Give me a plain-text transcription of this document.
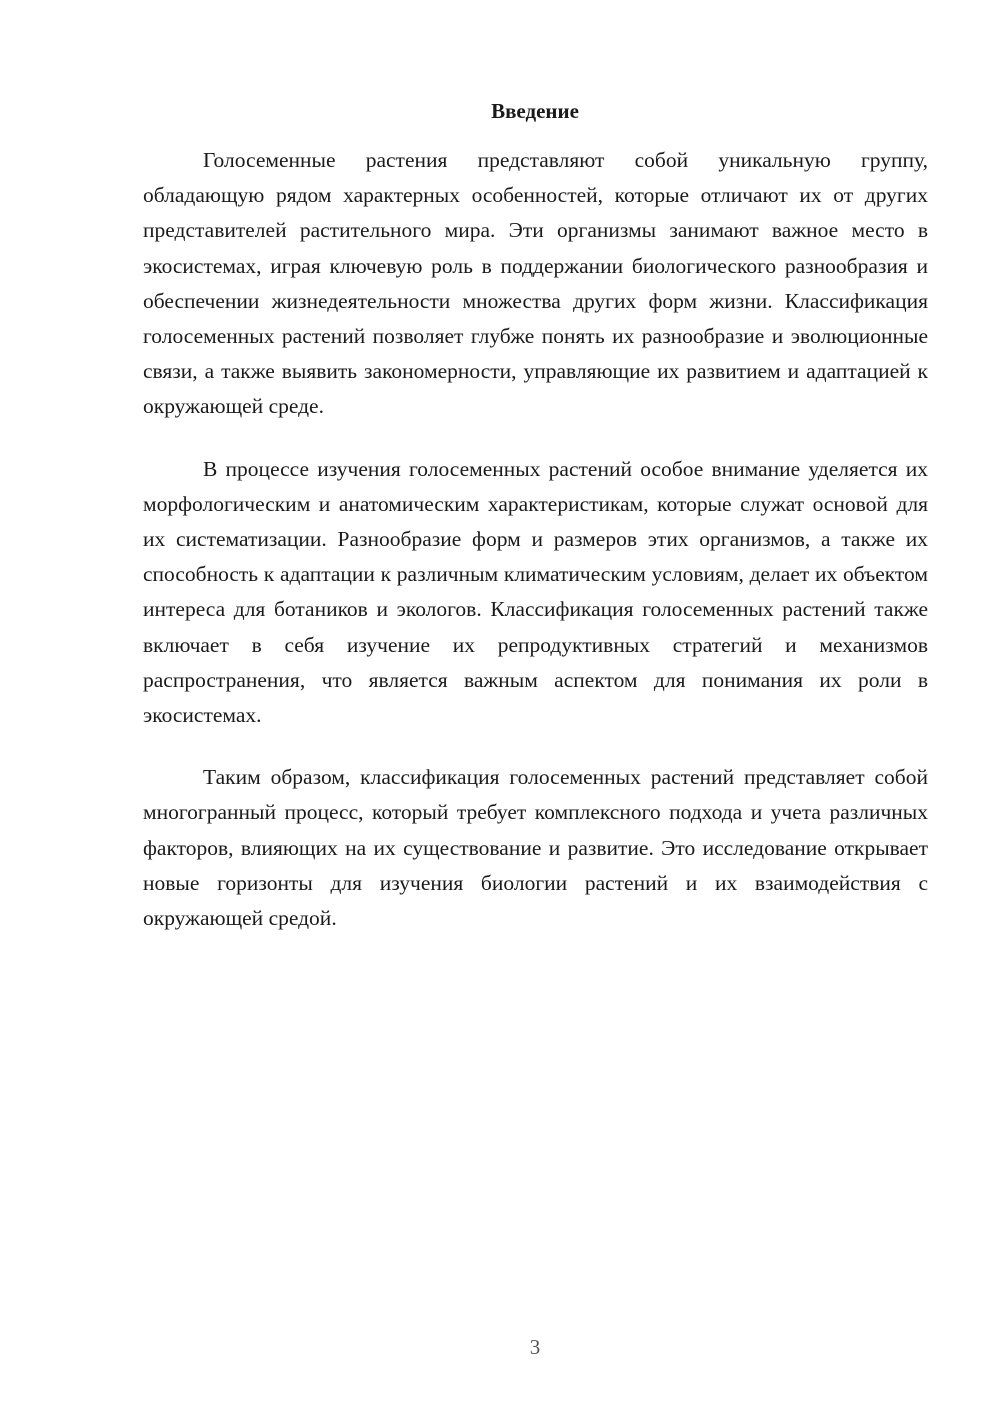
Введение

Голосеменные растения представляют собой уникальную группу, обладающую рядом характерных особенностей, которые отличают их от других представителей растительного мира. Эти организмы занимают важное место в экосистемах, играя ключевую роль в поддержании биологического разнообразия и обеспечении жизнедеятельности множества других форм жизни. Классификация голосеменных растений позволяет глубже понять их разнообразие и эволюционные связи, а также выявить закономерности, управляющие их развитием и адаптацией к окружающей среде.

В процессе изучения голосеменных растений особое внимание уделяется их морфологическим и анатомическим характеристикам, которые служат основой для их систематизации. Разнообразие форм и размеров этих организмов, а также их способность к адаптации к различным климатическим условиям, делает их объектом интереса для ботаников и экологов. Классификация голосеменных растений также включает в себя изучение их репродуктивных стратегий и механизмов распространения, что является важным аспектом для понимания их роли в экосистемах.

Таким образом, классификация голосеменных растений представляет собой многогранный процесс, который требует комплексного подхода и учета различных факторов, влияющих на их существование и развитие. Это исследование открывает новые горизонты для изучения биологии растений и их взаимодействия с окружающей средой.

3
